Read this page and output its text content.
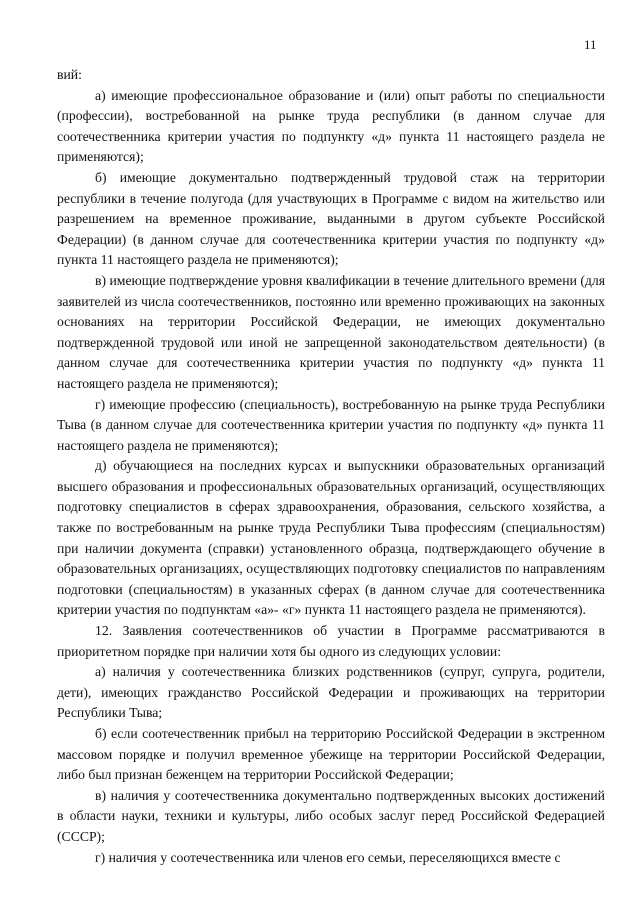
11

вий:

а) имеющие профессиональное образование и (или) опыт работы по специальности (профессии), востребованной на рынке труда республики (в данном случае для соотечественника критерии участия по подпункту «д» пункта 11 настоящего раздела не применяются);

б) имеющие документально подтвержденный трудовой стаж на территории республики в течение полугода (для участвующих в Программе с видом на жительство или разрешением на временное проживание, выданными в другом субъекте Российской Федерации) (в данном случае для соотечественника критерии участия по подпункту «д» пункта 11 настоящего раздела не применяются);

в) имеющие подтверждение уровня квалификации в течение длительного времени (для заявителей из числа соотечественников, постоянно или временно проживающих на законных основаниях на территории Российской Федерации, не имеющих документально подтвержденной трудовой или иной не запрещенной законодательством деятельности) (в данном случае для соотечественника критерии участия по подпункту «д» пункта 11 настоящего раздела не применяются);

г) имеющие профессию (специальность), востребованную на рынке труда Республики Тыва (в данном случае для соотечественника критерии участия по подпункту «д» пункта 11 настоящего раздела не применяются);

д) обучающиеся на последних курсах и выпускники образовательных организаций высшего образования и профессиональных образовательных организаций, осуществляющих подготовку специалистов в сферах здравоохранения, образования, сельского хозяйства, а также по востребованным на рынке труда Республики Тыва профессиям (специальностям) при наличии документа (справки) установленного образца, подтверждающего обучение в образовательных организациях, осуществляющих подготовку специалистов по направлениям подготовки (специальностям) в указанных сферах (в данном случае для соотечественника критерии участия по подпунктам «а»- «г» пункта 11 настоящего раздела не применяются).

12. Заявления соотечественников об участии в Программе рассматриваются в приоритетном порядке при наличии хотя бы одного из следующих условии:

а) наличия у соотечественника близких родственников (супруг, супруга, родители, дети), имеющих гражданство Российской Федерации и проживающих на территории Республики Тыва;

б) если соотечественник прибыл на территорию Российской Федерации в экстренном массовом порядке и получил временное убежище на территории Российской Федерации, либо был признан беженцем на территории Российской Федерации;

в) наличия у соотечественника документально подтвержденных высоких достижений в области науки, техники и культуры, либо особых заслуг перед Российской Федерацией (СССР);

г) наличия у соотечественника или членов его семьи, переселяющихся вместе с
